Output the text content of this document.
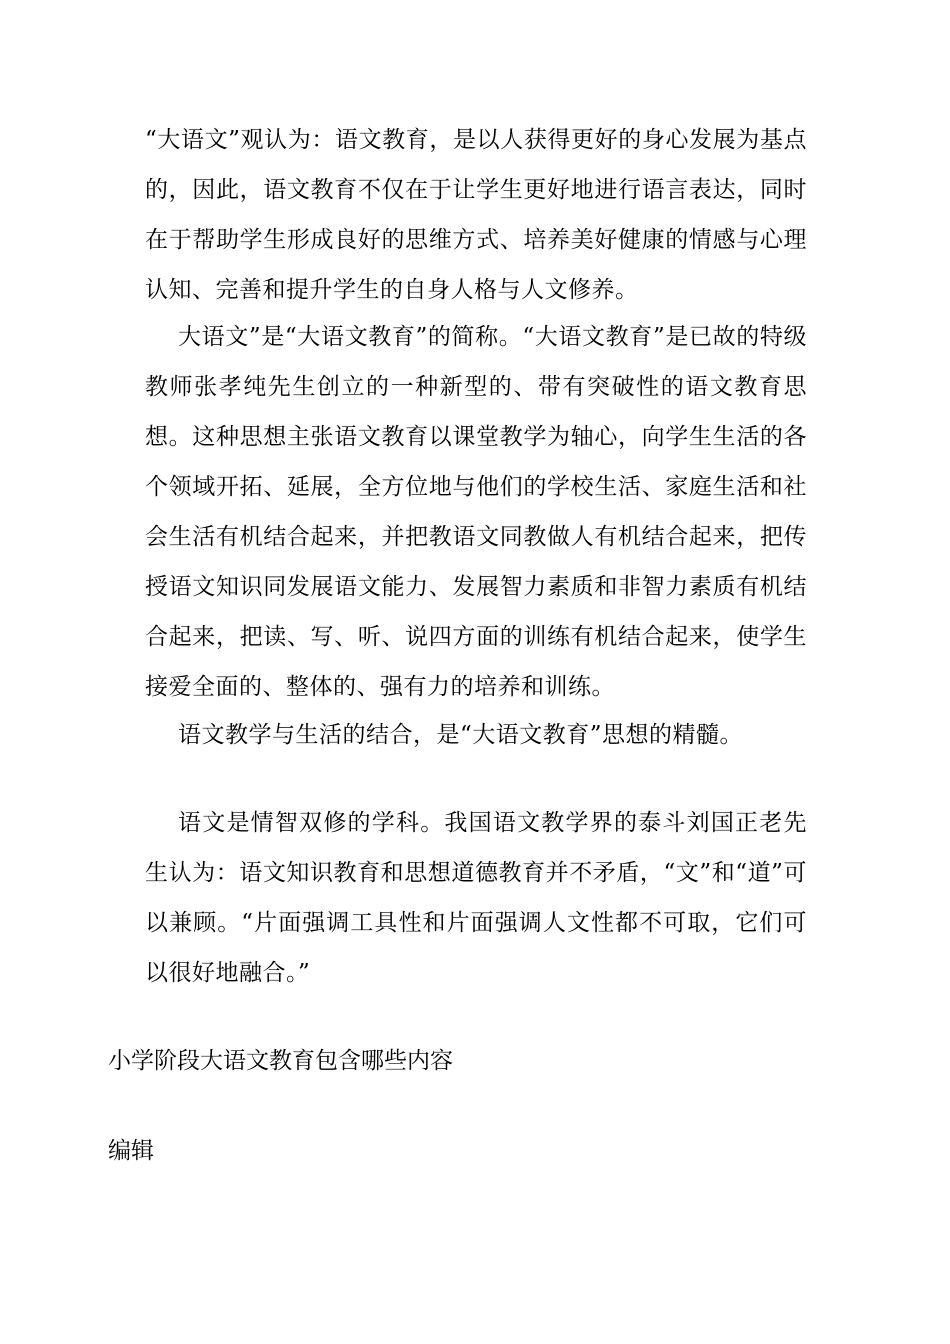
“大语文”观认为：语文教育，是以人获得更好的身心发展为基点的，因此，语文教育不仅在于让学生更好地进行语言表达，同时在于帮助学生形成良好的思维方式、培养美好健康的情感与心理认知、完善和提升学生的自身人格与人文修养。

大语文”是“大语文教育”的简称。“大语文教育”是已故的特级教师张孝纯先生创立的一种新型的、带有突破性的语文教育思想。这种思想主张语文教育以课堂教学为轴心，向学生生活的各个领域开拓、延展，全方位地与他们的学校生活、家庭生活和社会生活有机结合起来，并把教语文同教做人有机结合起来，把传授语文知识同发展语文能力、发展智力素质和非智力素质有机结合起来，把读、写、听、说四方面的训练有机结合起来，使学生接爱全面的、整体的、强有力的培养和训练。

语文教学与生活的结合，是“大语文教育”思想的精髓。

语文是情智双修的学科。我国语文教学界的泰斗刘国正老先生认为：语文知识教育和思想道德教育并不矛盾，“文”和“道”可以兼顾。“片面强调工具性和片面强调人文性都不可取，它们可以很好地融合。”

小学阶段大语文教育包含哪些内容

编辑
